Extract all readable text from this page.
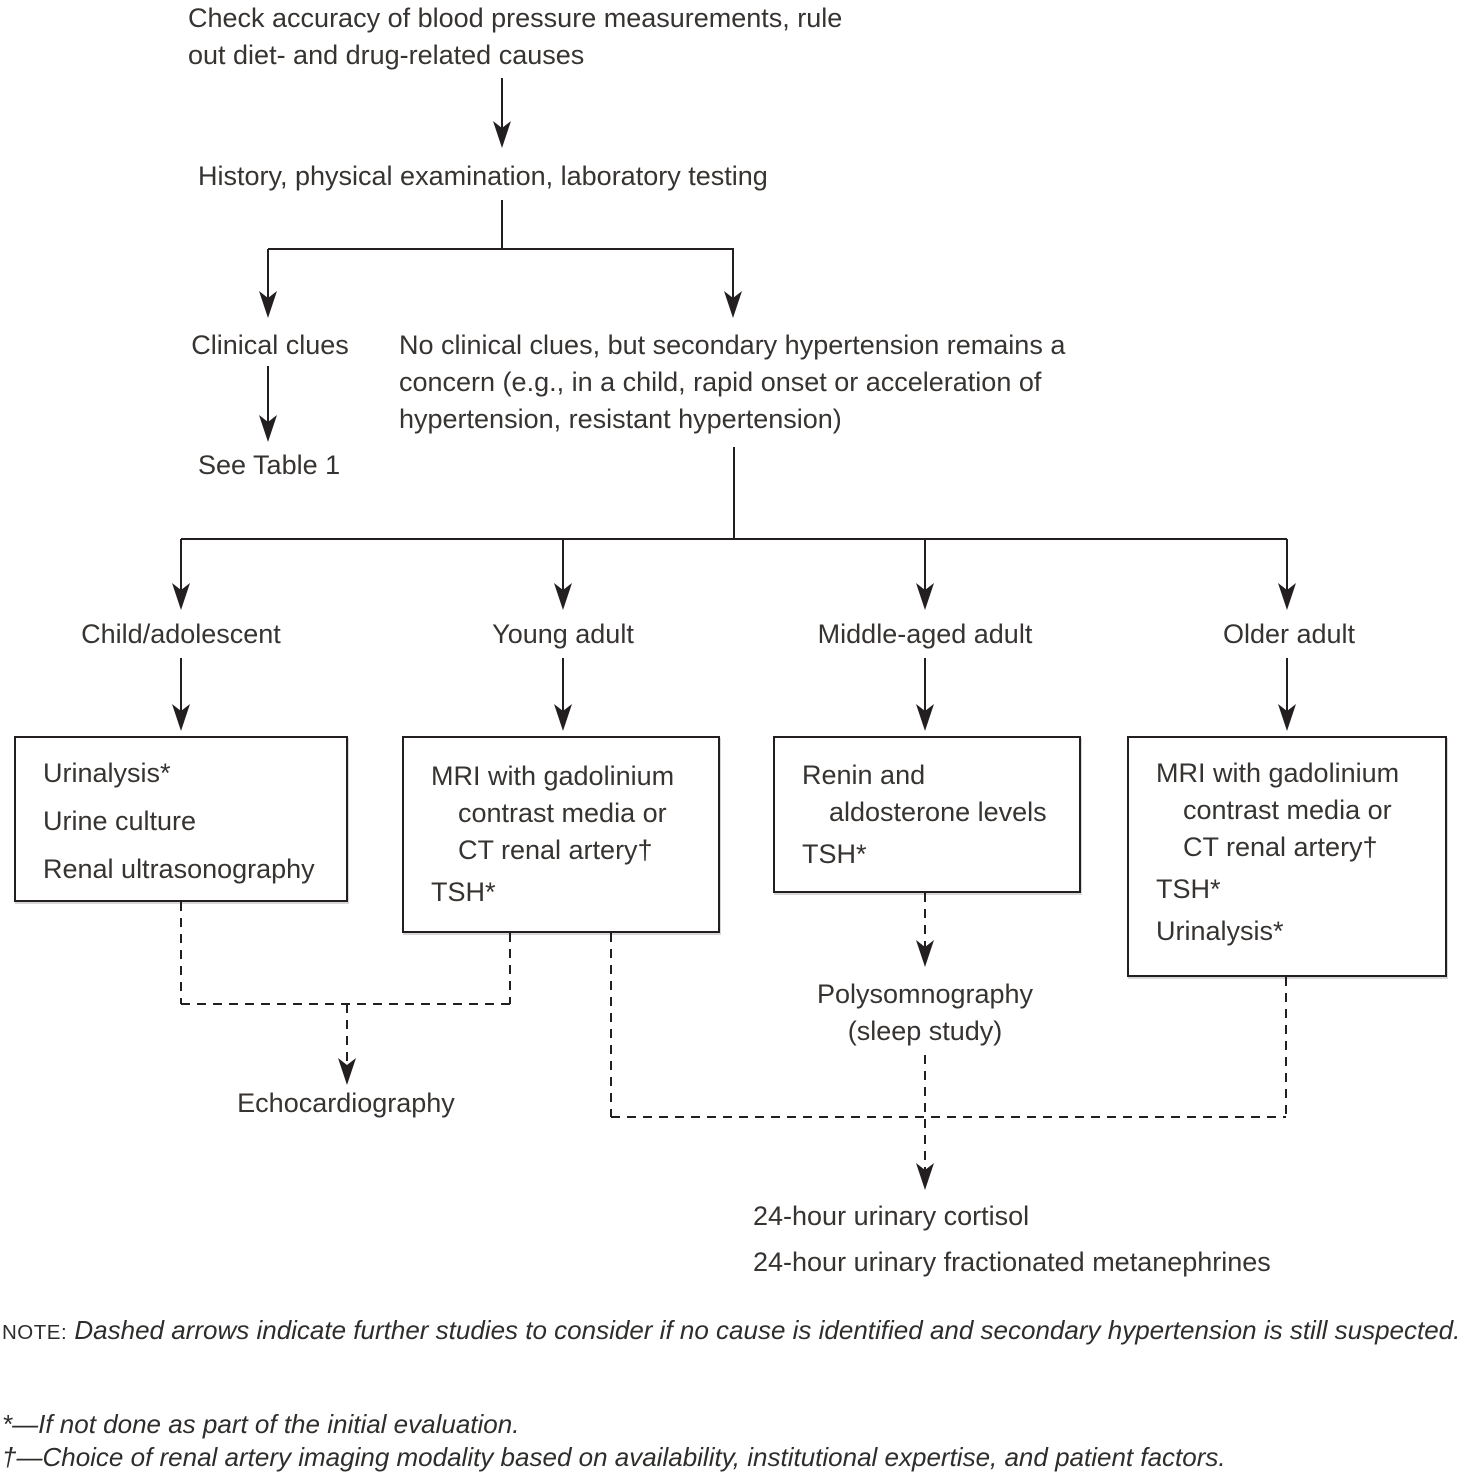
Check accuracy of blood pressure measurements, rule out diet- and drug-related causes
History, physical examination, laboratory testing
Clinical clues
See Table 1
No clinical clues, but secondary hypertension remains a concern (e.g., in a child, rapid onset or acceleration of hypertension, resistant hypertension)
Child/adolescent	Young adult	Middle-aged adult	Older adult
Urinalysis*
Urine culture
Renal ultrasonography
MRI with gadolinium contrast media or CT renal artery†
TSH*
Renin and aldosterone levels
TSH*
MRI with gadolinium contrast media or CT renal artery†
TSH*
Urinalysis*
Echocardiography
Polysomnography (sleep study)
24-hour urinary cortisol
24-hour urinary fractionated metanephrines

NOTE: Dashed arrows indicate further studies to consider if no cause is identified and secondary hypertension is still suspected.

*—If not done as part of the initial evaluation.

†—Choice of renal artery imaging modality based on availability, institutional expertise, and patient factors.
